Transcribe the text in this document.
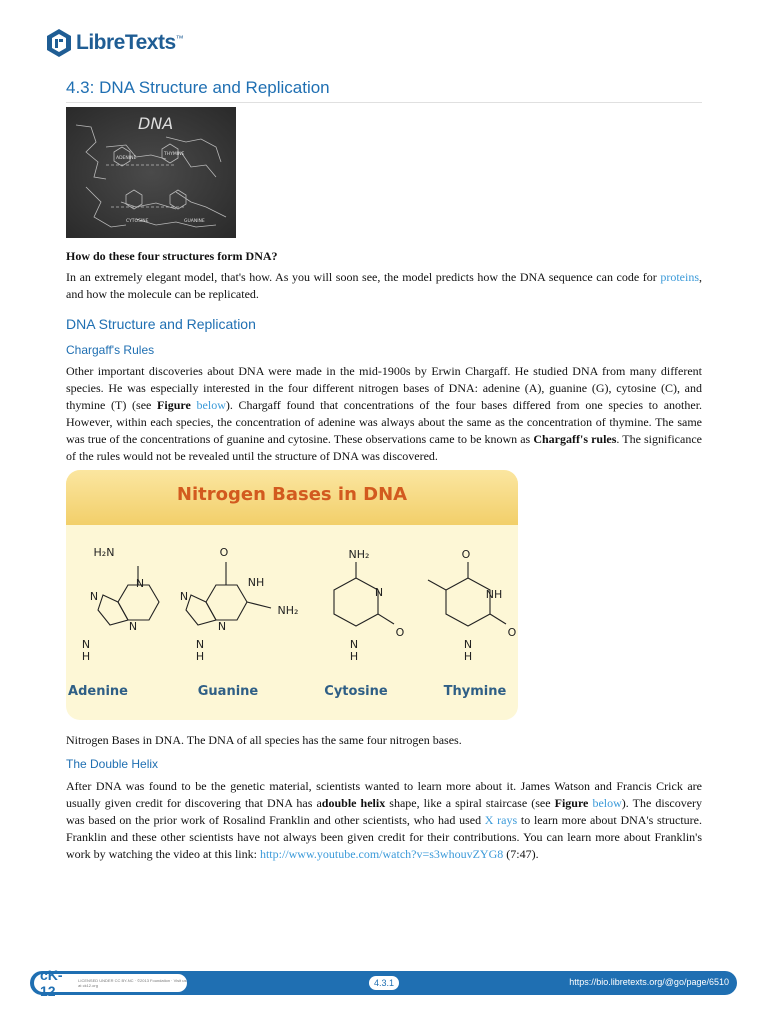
LibreTexts™
4.3: DNA Structure and Replication
DNA
ADENINE
THYMINE
CYTOSINE	GUANINE

How do these four structures form DNA?

In an extremely elegant model, that's how. As you will soon see, the model predicts how the DNA sequence can code for proteins, and how the molecule can be replicated.

DNA Structure and Replication
Chargaff's Rules

Other important discoveries about DNA were made in the mid-1900s by Erwin Chargaff. He studied DNA from many different species. He was especially interested in the four different nitrogen bases of DNA: adenine (A), guanine (G), cytosine (C), and thymine (T) (see Figure below). Chargaff found that concentrations of the four bases differed from one species to another. However, within each species, the concentration of adenine was always about the same as the concentration of thymine. The same was true of the concentrations of guanine and cytosine. These observations came to be known as Chargaff's rules. The significance of the rules would not be revealed until the structure of DNA was discovered.

Nitrogen Bases in DNA
H₂N
N
N
N
N
H
O
NH
N
N
NH₂
N
H
NH₂
N
N
H
O
O
NH
N
H
O
Adenine	Guanine	Cytosine	Thymine

Nitrogen Bases in DNA. The DNA of all species has the same four nitrogen bases.

The Double Helix

After DNA was found to be the genetic material, scientists wanted to learn more about it. James Watson and Francis Crick are usually given credit for discovering that DNA has adouble helix shape, like a spiral staircase (see Figure below). The discovery was based on the prior work of Rosalind Franklin and other scientists, who had used X rays to learn more about DNA's structure. Franklin and these other scientists have not always been given credit for their contributions. You can learn more about Franklin's work by watching the video at this link: http://www.youtube.com/watch?v=s3whouvZYG8 (7:47).

cK-12
LICENSED UNDER CC BY-NC · ©2013 Foundation · Visit us at ck12.org	4.3.1	https://bio.libretexts.org/@go/page/6510
